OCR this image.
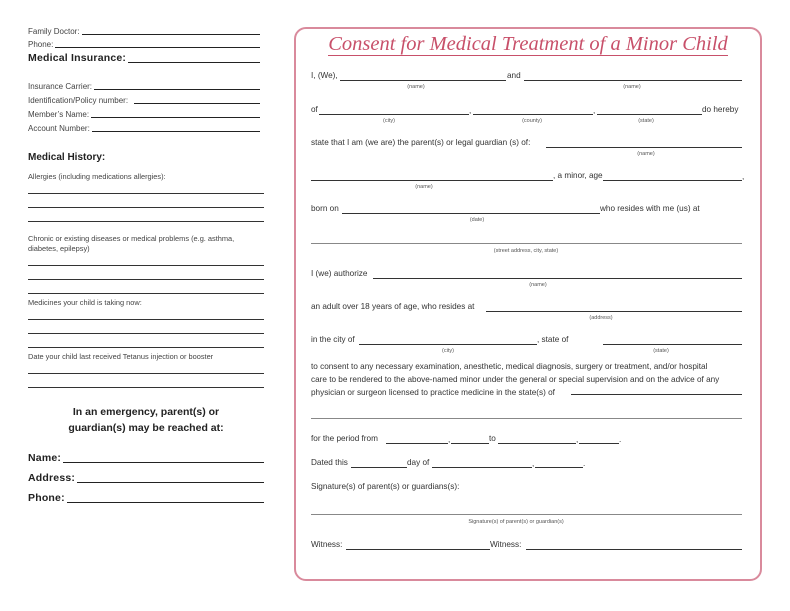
Family Doctor:
Phone:
Medical Insurance:
Insurance Carrier:
Identification/Policy number:
Member’s Name:
Account Number:
Medical History:
Allergies (including medications allergies):
Chronic or existing diseases or medical problems (e.g. asthma, diabetes, epilepsy)
Medicines your child is taking now:
Date your child last received Tetanus injection or booster
In an emergency, parent(s) or
guardian(s) may be reached at:
Name:
Address:
Phone:
Consent for Medical Treatment of a Minor Child
I, (We),	and
(name)	(name)
of	,	,	do hereby
(city)	(county)	(state)
state that I am (we are) the parent(s) or legal guardian (s) of:
(name)
, a minor, age	,
(name)
born on	who resides with me (us) at
(date)
(street address, city, state)
I (we) authorize
(name)
an adult over 18 years of age, who resides at
(address)
in the city of	, state of
(city)	(state)
to consent to any necessary examination, anesthetic, medical diagnosis, surgery or treatment, and/or hospital
care to be rendered to the above-named minor under the general or special supervision and on the advice of any
physician or surgeon licensed to practice medicine in the state(s) of
for the period from	,	to	,	.
Dated this	day of	,	.
Signature(s) of parent(s) or guardians(s):
Signature(s) of parent(s) or guardian(s)
Witness:	Witness:
